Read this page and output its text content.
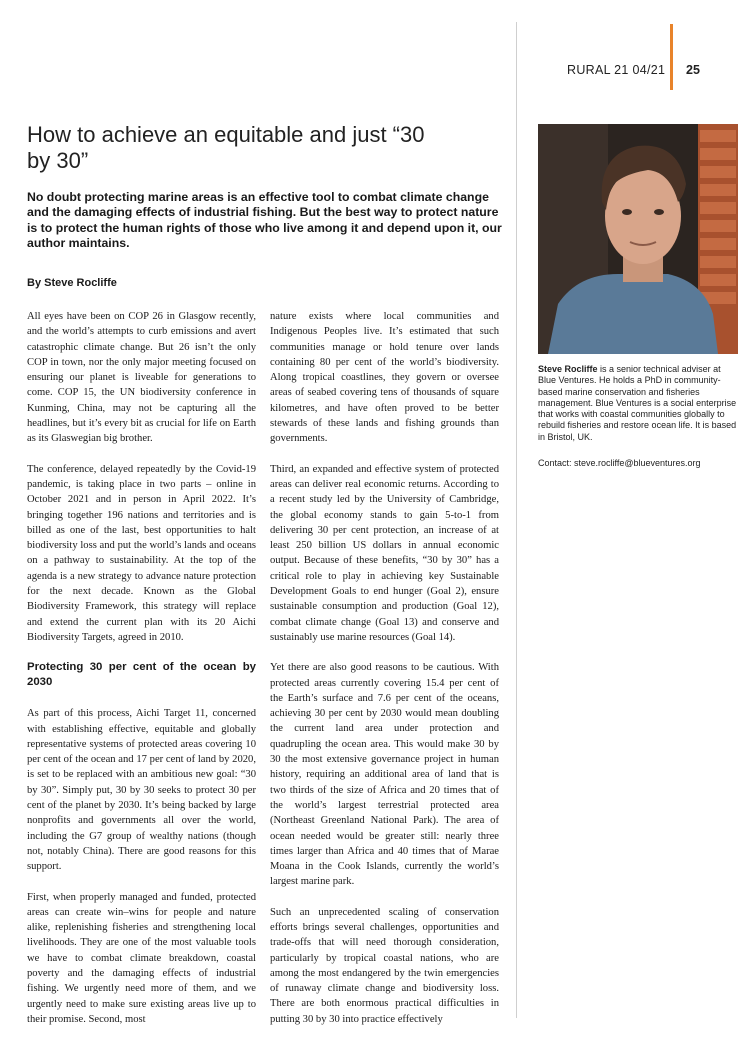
RURAL 21 04/21 25
How to achieve an equitable and just “30 by 30”

No doubt protecting marine areas is an effective tool to combat climate change and the damaging effects of industrial fishing. But the best way to protect nature is to protect the human rights of those who live among it and depend upon it, our author maintains.

By Steve Rocliffe

All eyes have been on COP 26 in Glasgow recently, and the world’s attempts to curb emissions and avert catastrophic climate change. But 26 isn’t the only COP in town, nor the only major meeting focused on ensuring our planet is liveable for generations to come. COP 15, the UN biodiversity conference in Kunming, China, may not be capturing all the headlines, but it’s every bit as crucial for life on Earth as its Glaswegian big brother.

The conference, delayed repeatedly by the Covid-19 pandemic, is taking place in two parts – online in October 2021 and in person in April 2022. It’s bringing together 196 nations and territories and is billed as one of the last, best opportunities to halt biodiversity loss and put the world’s lands and oceans on a pathway to sustainability. At the top of the agenda is a new strategy to advance nature protection for the next decade. Known as the Global Biodiversity Framework, this strategy will replace and extend the current plan with its 20 Aichi Biodiversity Targets, agreed in 2010.

Protecting 30 per cent of the ocean by 2030

As part of this process, Aichi Target 11, concerned with establishing effective, equitable and globally representative systems of protected areas covering 10 per cent of the ocean and 17 per cent of land by 2020, is set to be replaced with an ambitious new goal: “30 by 30”. Simply put, 30 by 30 seeks to protect 30 per cent of the planet by 2030. It’s being backed by large nonprofits and governments all over the world, including the G7 group of wealthy nations (though not, notably China). There are good reasons for this support.

First, when properly managed and funded, protected areas can create win–wins for people and nature alike, replenishing fisheries and strengthening local livelihoods. They are one of the most valuable tools we have to combat climate breakdown, coastal poverty and the damaging effects of industrial fishing. We urgently need more of them, and we urgently need to make sure existing areas live up to their promise. Second, most

nature exists where local communities and Indigenous Peoples live. It’s estimated that such communities manage or hold tenure over lands containing 80 per cent of the world’s biodiversity. Along tropical coastlines, they govern or oversee areas of seabed covering tens of thousands of square kilometres, and have often proved to be better stewards of these lands and fishing grounds than governments.

Third, an expanded and effective system of protected areas can deliver real economic returns. According to a recent study led by the University of Cambridge, the global economy stands to gain 5-to-1 from delivering 30 per cent protection, an increase of at least 250 billion US dollars in annual economic output. Because of these benefits, “30 by 30” has a critical role to play in achieving key Sustainable Development Goals to end hunger (Goal 2), ensure sustainable consumption and production (Goal 12), combat climate change (Goal 13) and conserve and sustainably use marine resources (Goal 14).

Yet there are also good reasons to be cautious. With protected areas currently covering 15.4 per cent of the Earth’s surface and 7.6 per cent of the oceans, achieving 30 per cent by 2030 would mean doubling the current land area under protection and quadrupling the ocean area. This would make 30 by 30 the most extensive governance project in human history, requiring an additional area of land that is two thirds of the size of Africa and 20 times that of the world’s largest terrestrial protected area (Northeast Greenland National Park). The area of ocean needed would be greater still: nearly three times larger than Africa and 40 times that of Marae Moana in the Cook Islands, currently the world’s largest marine park.

Such an unprecedented scaling of conservation efforts brings several challenges, opportunities and trade-offs that will need thorough consideration, particularly by tropical coastal nations, who are among the most endangered by the twin emergencies of runaway climate change and biodiversity loss. There are both enormous practical difficulties in putting 30 by 30 into practice effectively

Steve Rocliffe is a senior technical adviser at Blue Ventures. He holds a PhD in community-based marine conservation and fisheries management. Blue Ventures is a social enterprise that works with coastal communities globally to rebuild fisheries and restore ocean life. It is based in Bristol, UK.

Contact: steve.rocliffe@blueventures.org
